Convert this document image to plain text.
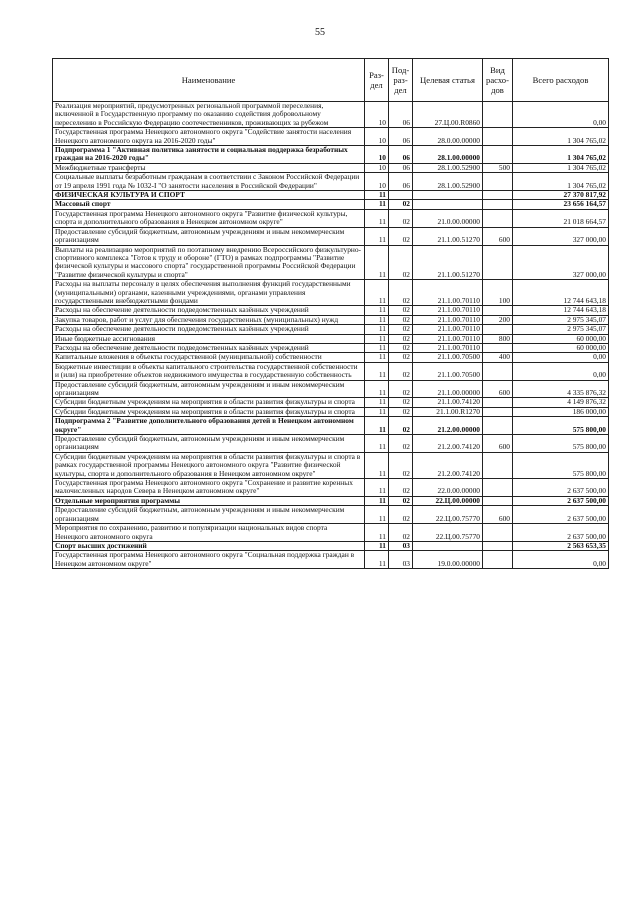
55
Наименование	Раз-дел	Под-раз-дел	Целевая статья	Вид расхо-дов	Всего расходов
Реализация мероприятий, предусмотренных региональной программой переселения, включенной в Государственную программу по оказанию содействия добровольному переселению в Российскую Федерацию соотечественников, проживающих за рубежом	10	06	27.Ц.00.R0860		0,00
Государственная программа Ненецкого автономного округа "Содействие занятости населения Ненецкого автономного округа на 2016-2020 годы"	10	06	28.0.00.00000		1 304 765,02
Подпрограмма 1 "Активная политика занятости и социальная поддержка безработных граждан на 2016-2020 годы"	10	06	28.1.00.00000		1 304 765,02
Межбюджетные трансферты	10	06	28.1.00.52900	500	1 304 765,02
Социальные выплаты безработным гражданам в соответствии с Законом Российской Федерации от 19 апреля 1991 года № 1032-I "О занятости населения в Российской Федерации"	10	06	28.1.00.52900		1 304 765,02
ФИЗИЧЕСКАЯ КУЛЬТУРА И СПОРТ	11				27 370 817,92
Массовый спорт	11	02			23 656 164,57
Государственная программа Ненецкого автономного округа "Развитие физической культуры, спорта и дополнительного образования в Ненецком автономном округе"	11	02	21.0.00.00000		21 018 664,57
Предоставление субсидий бюджетным, автономным учреждениям и иным некоммерческим организациям	11	02	21.1.00.51270	600	327 000,00
Выплаты на реализацию мероприятий по поэтапному внедрению Всероссийского физкультурно-спортивного комплекса "Готов к труду и обороне" (ГТО) в рамках подпрограммы "Развитие физической культуры и массового спорта" государственной программы Российской Федерации "Развитие физической культуры и спорта"	11	02	21.1.00.51270		327 000,00
Расходы на выплаты персоналу в целях обеспечения выполнения функций государственными (муниципальными) органами, казенными учреждениями, органами управления государственными внебюджетными фондами	11	02	21.1.00.70110	100	12 744 643,18
Расходы на обеспечение деятельности подведомственных казённых учреждений	11	02	21.1.00.70110		12 744 643,18
Закупка товаров, работ и услуг для обеспечения государственных (муниципальных) нужд	11	02	21.1.00.70110	200	2 975 345,07
Расходы на обеспечение деятельности подведомственных казённых учреждений	11	02	21.1.00.70110		2 975 345,07
Иные бюджетные ассигнования	11	02	21.1.00.70110	800	60 000,00
Расходы на обеспечение деятельности подведомственных казённых учреждений	11	02	21.1.00.70110		60 000,00
Капитальные вложения в объекты государственной (муниципальной) собственности	11	02	21.1.00.70500	400	0,00
Бюджетные инвестиции в объекты капитального строительства государственной собственности и (или) на приобретение объектов недвижимого имущества в государственную собственность	11	02	21.1.00.70500		0,00
Предоставление субсидий бюджетным, автономным учреждениям и иным некоммерческим организациям	11	02	21.1.00.00000	600	4 335 876,32
Субсидии бюджетным учреждениям на мероприятия в области развития физкультуры и спорта	11	02	21.1.00.74120		4 149 876,32
Субсидии бюджетным учреждениям на мероприятия в области развития физкультуры и спорта	11	02	21.1.00.R1270		186 000,00
Подпрограмма 2 "Развитие дополнительного образования детей в Ненецком автономном округе"	11	02	21.2.00.00000		575 800,00
Предоставление субсидий бюджетным, автономным учреждениям и иным некоммерческим организациям	11	02	21.2.00.74120	600	575 800,00
Субсидии бюджетным учреждениям на мероприятия в области развития физкультуры и спорта в рамках государственной программы Ненецкого автономного округа "Развитие физической культуры, спорта и дополнительного образования в Ненецком автономном округе"	11	02	21.2.00.74120		575 800,00
Государственная программа Ненецкого автономного округа "Сохранение и развитие коренных малочисленных народов Севера в Ненецком автономном округе"	11	02	22.0.00.00000		2 637 500,00
Отдельные мероприятия программы	11	02	22.Ц.00.00000		2 637 500,00
Предоставление субсидий бюджетным, автономным учреждениям и иным некоммерческим организациям	11	02	22.Ц.00.75770	600	2 637 500,00
Мероприятия по сохранению, развитию и популяризации национальных видов спорта Ненецкого автономного округа	11	02	22.Ц.00.75770		2 637 500,00
Спорт высших достижений	11	03			2 563 653,35
Государственная программа Ненецкого автономного округа "Социальная поддержка граждан в Ненецком автономном округе"	11	03	19.0.00.00000		0,00
